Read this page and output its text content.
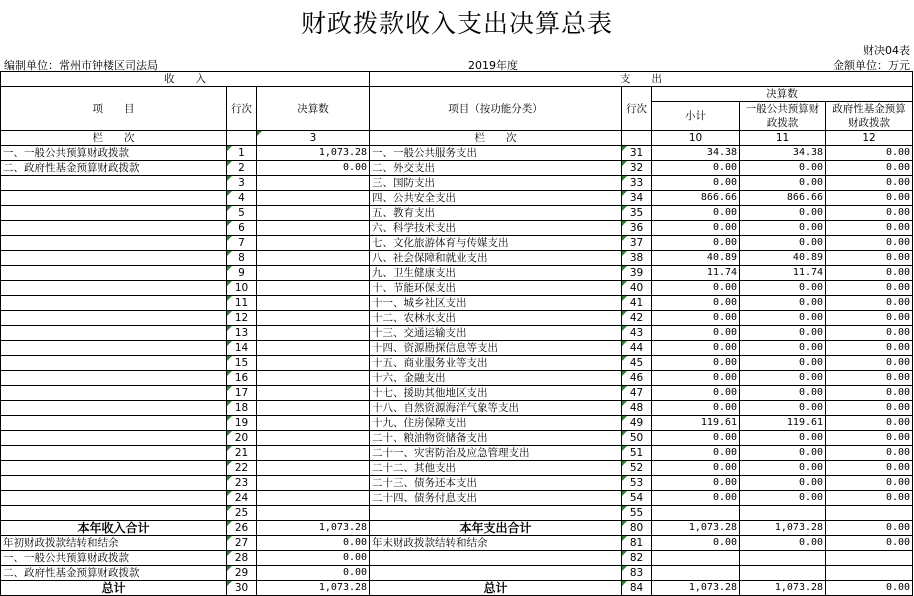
财政拨款收入支出决算总表
财决04表
编制单位：常州市钟楼区司法局	2019年度	金额单位：万元
收　　入			支　　出				
项　　目	行次	决算数	项目（按功能分类）	行次	决算数		
					小计	一般公共预算财政拨款	政府性基金预算财政拨款

栏　　次		3	栏　　次		10	11	12
一、一般公共预算财政拨款	1	1,073.28	一、一般公共服务支出	31	34.38	34.38	0.00
二、政府性基金预算财政拨款	2	0.00	二、外交支出	32	0.00	0.00	0.00
	3		三、国防支出	33	0.00	0.00	0.00
	4		四、公共安全支出	34	866.66	866.66	0.00
	5		五、教育支出	35	0.00	0.00	0.00
	6		六、科学技术支出	36	0.00	0.00	0.00
	7		七、文化旅游体育与传媒支出	37	0.00	0.00	0.00
	8		八、社会保障和就业支出	38	40.89	40.89	0.00
	9		九、卫生健康支出	39	11.74	11.74	0.00
	10		十、节能环保支出	40	0.00	0.00	0.00
	11		十一、城乡社区支出	41	0.00	0.00	0.00
	12		十二、农林水支出	42	0.00	0.00	0.00
	13		十三、交通运输支出	43	0.00	0.00	0.00
	14		十四、资源勘探信息等支出	44	0.00	0.00	0.00
	15		十五、商业服务业等支出	45	0.00	0.00	0.00
	16		十六、金融支出	46	0.00	0.00	0.00
	17		十七、援助其他地区支出	47	0.00	0.00	0.00
	18		十八、自然资源海洋气象等支出	48	0.00	0.00	0.00
	19		十九、住房保障支出	49	119.61	119.61	0.00
	20		二十、粮油物资储备支出	50	0.00	0.00	0.00
	21		二十一、灾害防治及应急管理支出	51	0.00	0.00	0.00
	22		二十二、其他支出	52	0.00	0.00	0.00
	23		二十三、债务还本支出	53	0.00	0.00	0.00
	24		二十四、债务付息支出	54	0.00	0.00	0.00
	25			55			
本年收入合计	26	1,073.28	本年支出合计	80	1,073.28	1,073.28	0.00
年初财政拨款结转和结余	27	0.00	年末财政拨款结转和结余	81	0.00	0.00	0.00
一、一般公共预算财政拨款	28	0.00		82			
二、政府性基金预算财政拨款	29	0.00		83			
总计	30	1,073.28	总计	84	1,073.28	1,073.28	0.00
